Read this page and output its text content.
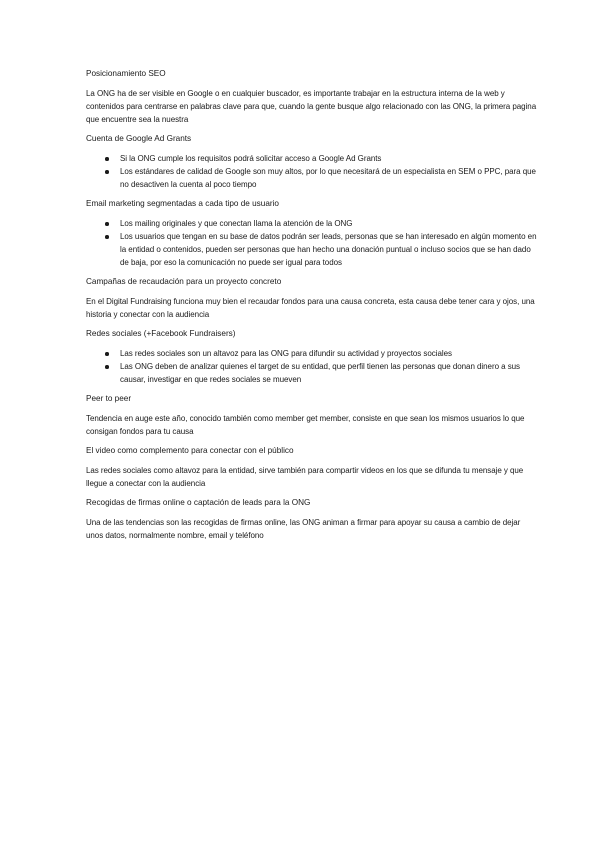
Posicionamiento SEO

La ONG ha de ser visible en Google o en cualquier buscador, es importante trabajar en la estructura interna de la web y contenidos para centrarse en palabras clave para que, cuando la gente busque algo relacionado con las ONG, la primera pagina que encuentre sea la nuestra

Cuenta de Google Ad Grants

Si la ONG cumple los requisitos podrá solicitar acceso a Google Ad Grants
Los estándares de calidad de Google son muy altos, por lo que necesitará de un especialista en SEM o PPC, para que no desactiven la cuenta al poco tiempo

Email marketing segmentadas a cada tipo de usuario

Los mailing originales y que conectan llama la atención de la ONG
Los usuarios que tengan en su base de datos podrán ser leads, personas que se han interesado en algún momento en la entidad o contenidos, pueden ser personas que han hecho una donación puntual o incluso socios que se han dado de baja, por eso la comunicación no puede ser igual para todos

Campañas de recaudación para un proyecto concreto

En el Digital Fundraising funciona muy bien el recaudar fondos para una causa concreta, esta causa debe tener cara y ojos, una historia y conectar con la audiencia

Redes sociales (+Facebook Fundraisers)

Las redes sociales son un altavoz para las ONG para difundir su actividad y proyectos sociales
Las ONG deben de analizar quienes el target de su entidad, que perfil tienen las personas que donan dinero a sus causar, investigar en que redes sociales se mueven

Peer to peer

Tendencia en auge este año, conocido también como member get member, consiste en que sean los mismos usuarios lo que consigan fondos para tu causa

El video como complemento para conectar con el público

Las redes sociales como altavoz para la entidad, sirve también para compartir videos en los que se difunda tu mensaje y que llegue a conectar con la audiencia

Recogidas de firmas online o captación de leads para la ONG

Una de las tendencias son las recogidas de firmas online, las ONG animan a firmar para apoyar su causa a cambio de dejar unos datos, normalmente nombre, email y teléfono
